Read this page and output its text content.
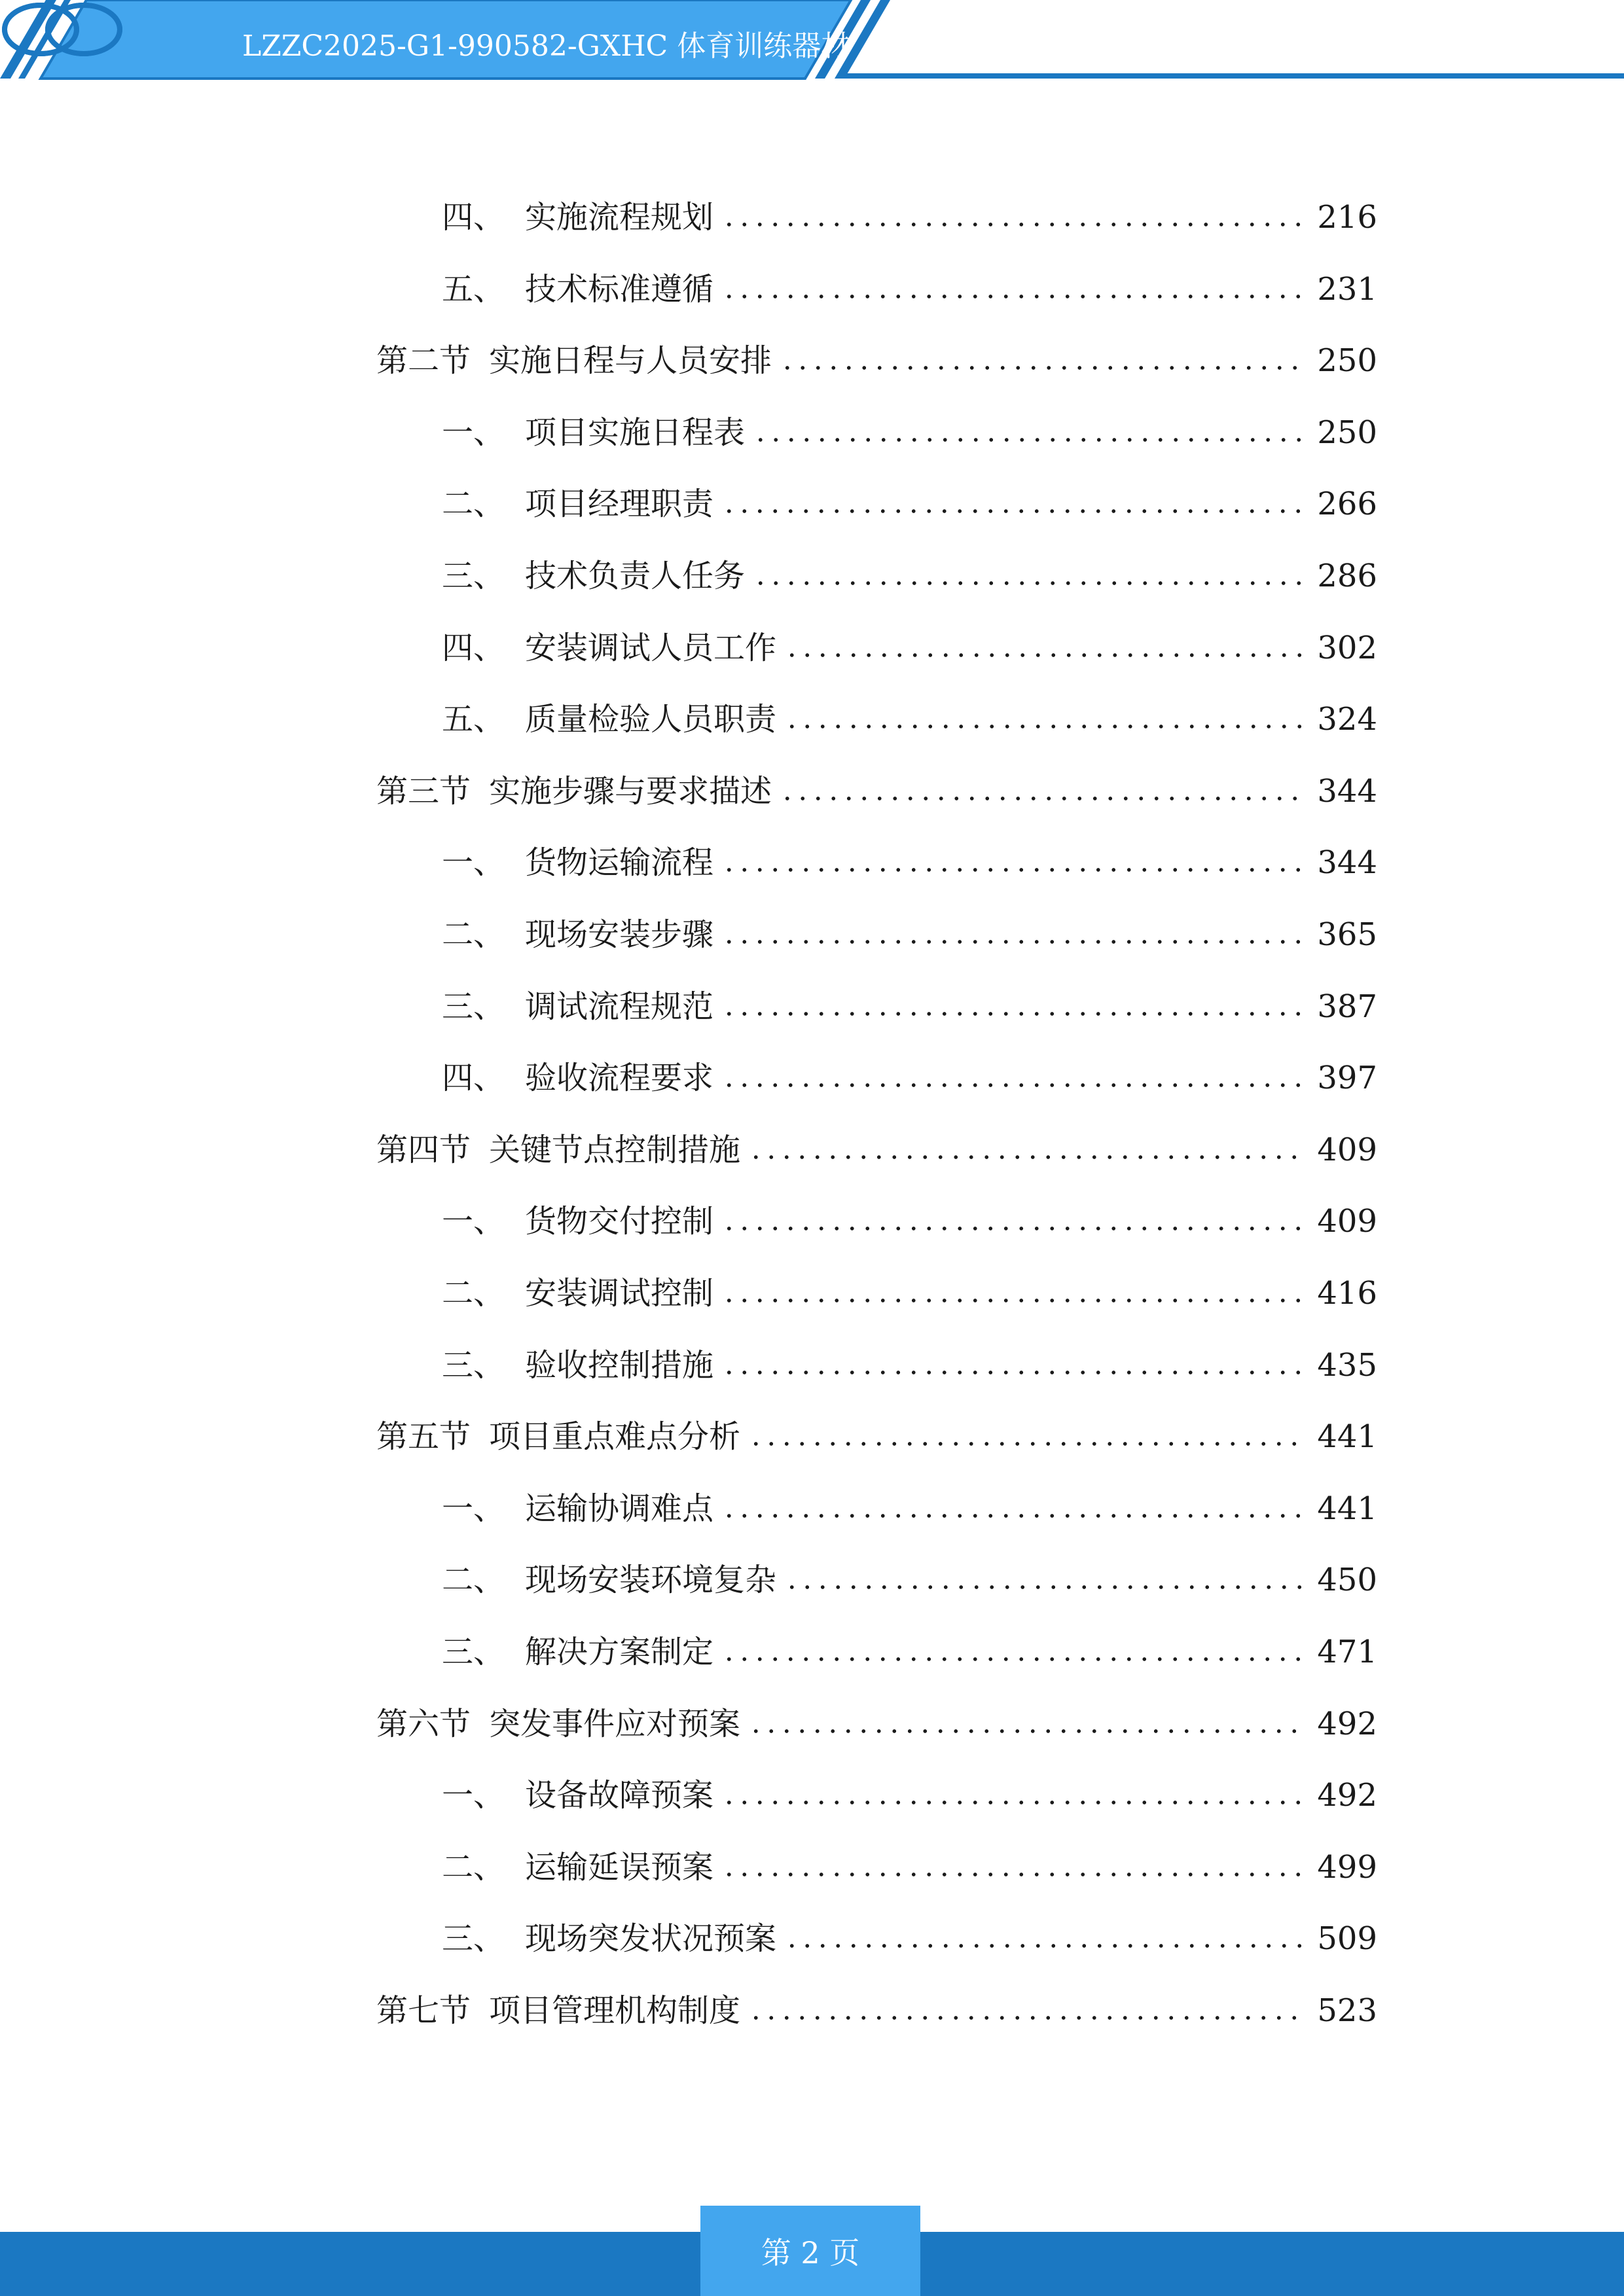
LZZC2025-G1-990582-GXHC 体育训练器材
四、 实施流程规划	216
五、 技术标准遵循	231
第二节 实施日程与人员安排	250
一、 项目实施日程表	250
二、 项目经理职责	266
三、 技术负责人任务	286
四、 安装调试人员工作	302
五、 质量检验人员职责	324
第三节 实施步骤与要求描述	344
一、 货物运输流程	344
二、 现场安装步骤	365
三、 调试流程规范	387
四、 验收流程要求	397
第四节 关键节点控制措施	409
一、 货物交付控制	409
二、 安装调试控制	416
三、 验收控制措施	435
第五节 项目重点难点分析	441
一、 运输协调难点	441
二、 现场安装环境复杂	450
三、 解决方案制定	471
第六节 突发事件应对预案	492
一、 设备故障预案	492
二、 运输延误预案	499
三、 现场突发状况预案	509
第七节 项目管理机构制度	523
第 2 页
